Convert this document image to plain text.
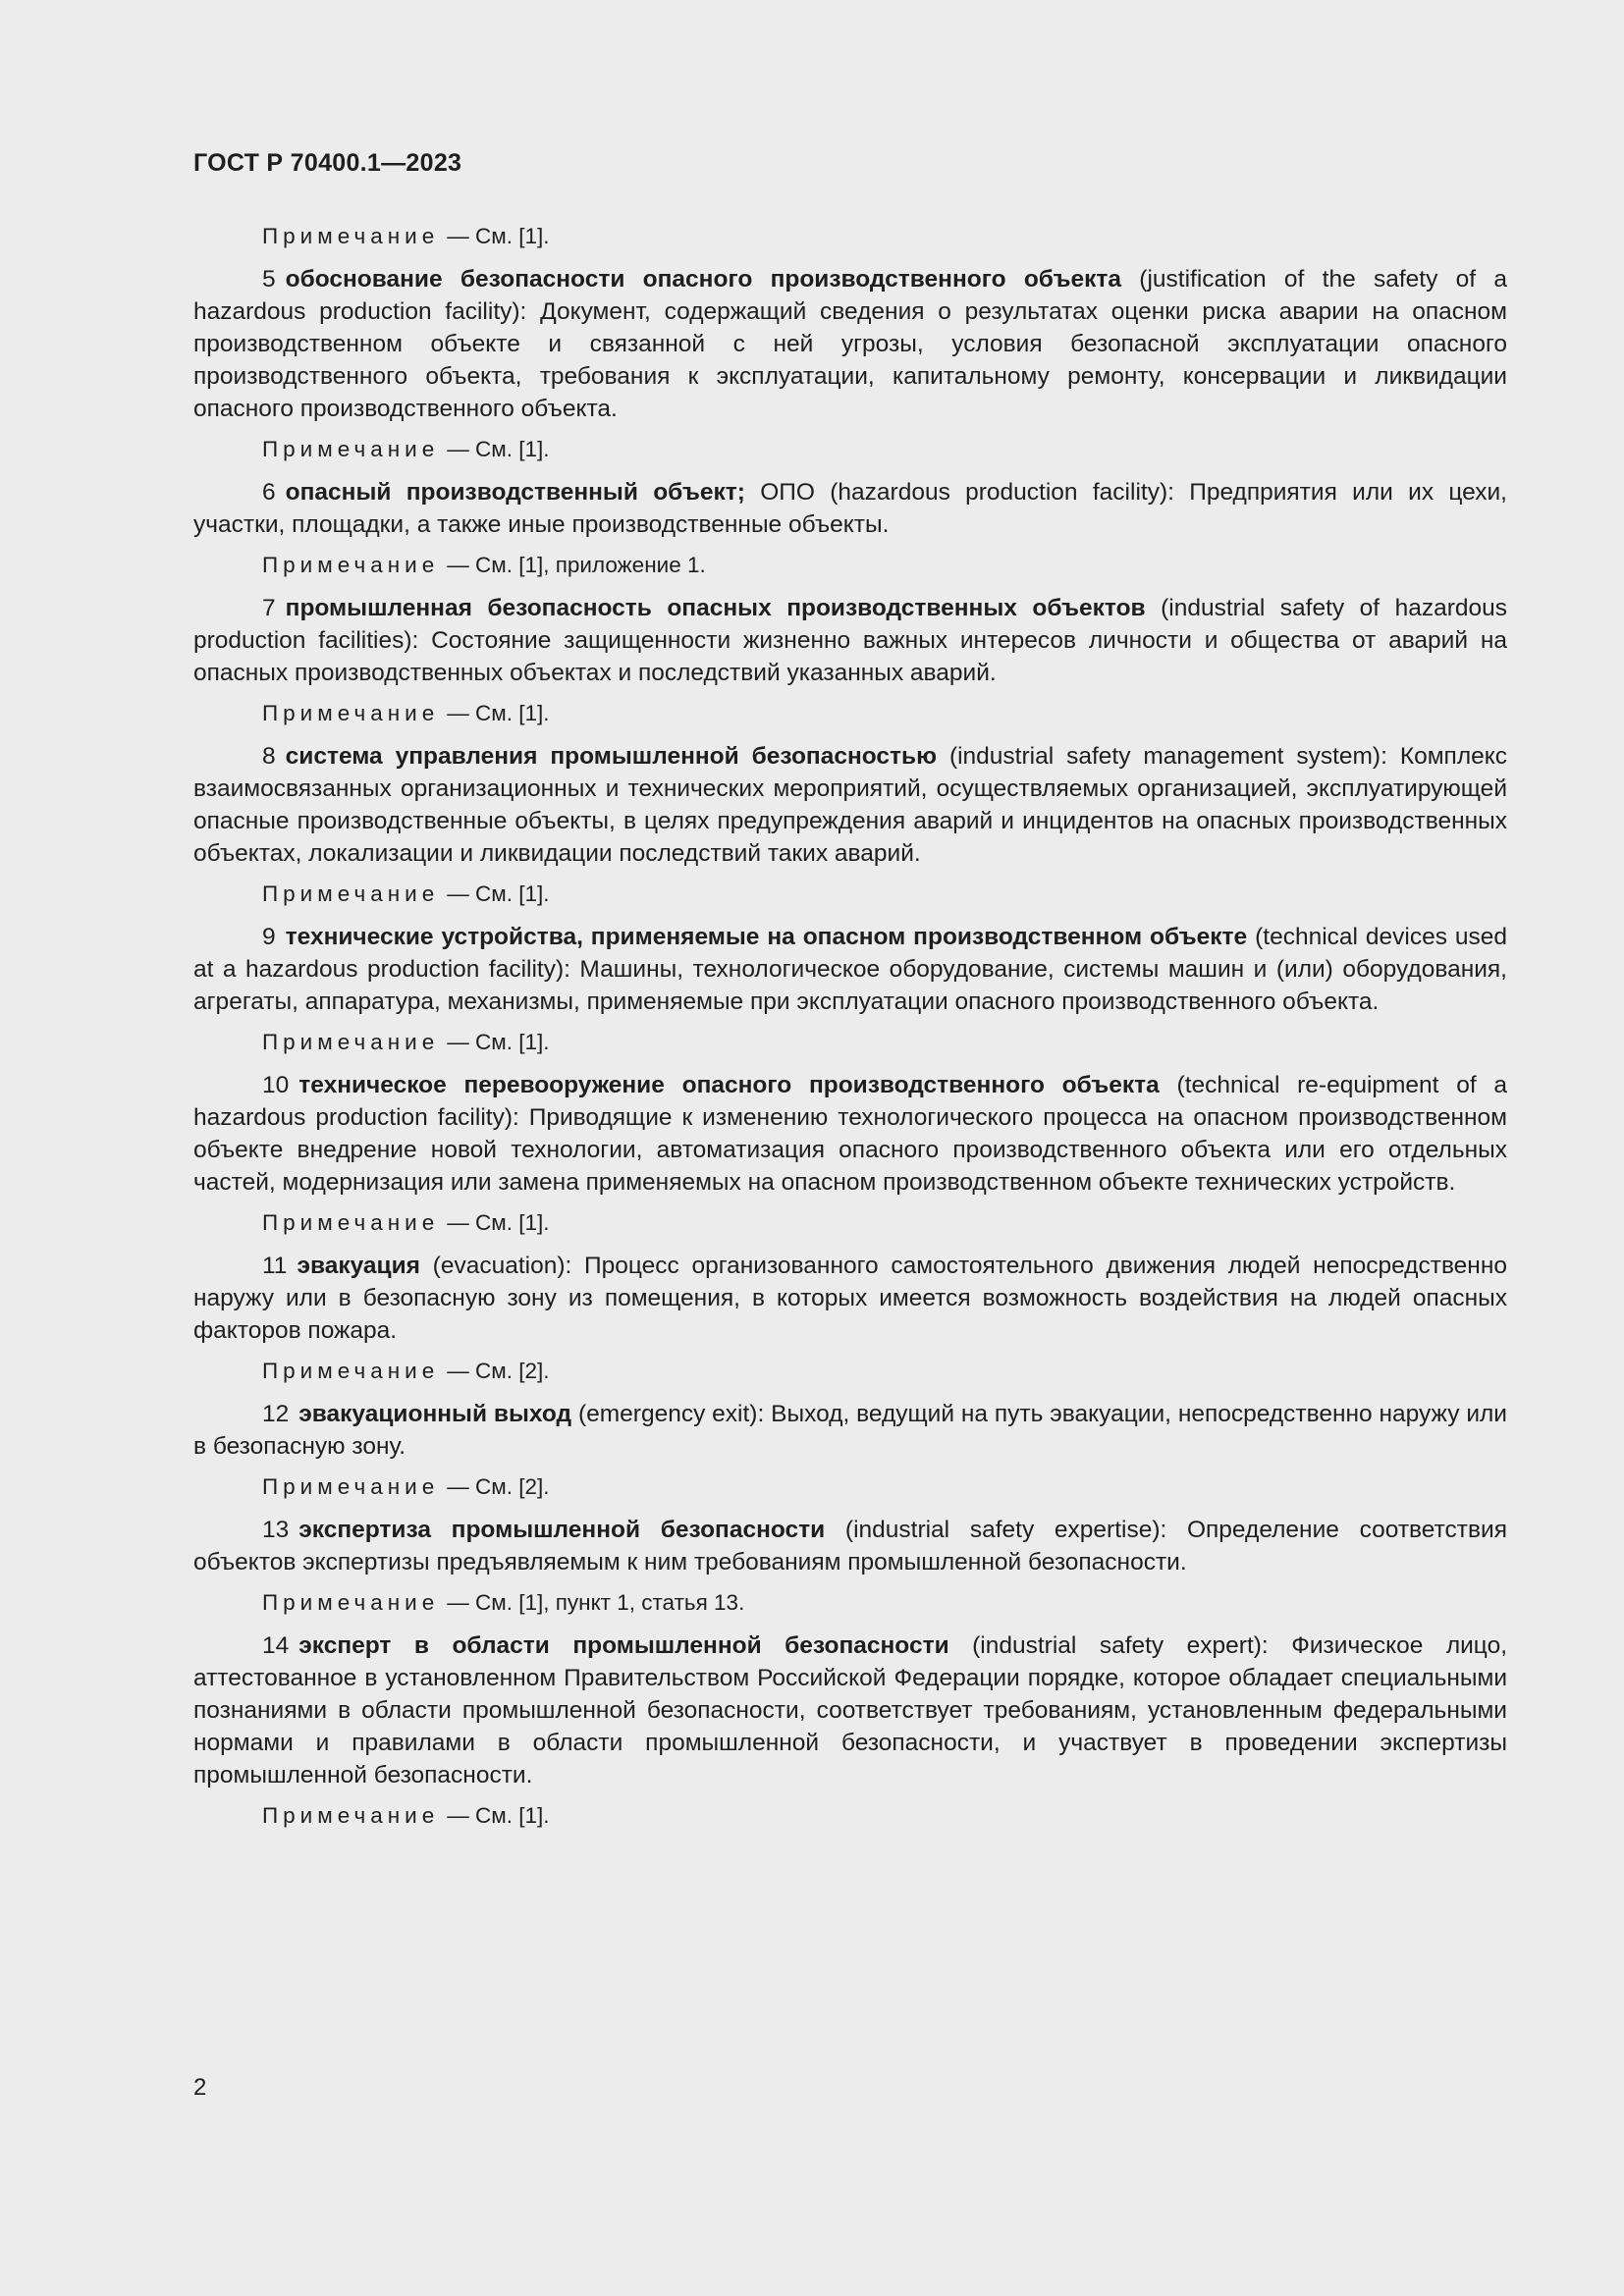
ГОСТ Р 70400.1—2023
Примечание — См. [1].

5 обоснование безопасности опасного производственного объекта (justification of the safety of a hazardous production facility): Документ, содержащий сведения о результатах оценки риска аварии на опасном производственном объекте и связанной с ней угрозы, условия безопасной эксплуатации опасного производственного объекта, требования к эксплуатации, капитальному ремонту, консервации и ликвидации опасного производственного объекта.

Примечание — См. [1].

6 опасный производственный объект; ОПО (hazardous production facility): Предприятия или их цехи, участки, площадки, а также иные производственные объекты.

Примечание — См. [1], приложение 1.

7 промышленная безопасность опасных производственных объектов (industrial safety of hazardous production facilities): Состояние защищенности жизненно важных интересов личности и общества от аварий на опасных производственных объектах и последствий указанных аварий.

Примечание — См. [1].

8 система управления промышленной безопасностью (industrial safety management system): Комплекс взаимосвязанных организационных и технических мероприятий, осуществляемых организацией, эксплуатирующей опасные производственные объекты, в целях предупреждения аварий и инцидентов на опасных производственных объектах, локализации и ликвидации последствий таких аварий.

Примечание — См. [1].

9 технические устройства, применяемые на опасном производственном объекте (technical devices used at a hazardous production facility): Машины, технологическое оборудование, системы машин и (или) оборудования, агрегаты, аппаратура, механизмы, применяемые при эксплуатации опасного производственного объекта.

Примечание — См. [1].

10 техническое перевооружение опасного производственного объекта (technical re-equipment of a hazardous production facility): Приводящие к изменению технологического процесса на опасном производственном объекте внедрение новой технологии, автоматизация опасного производственного объекта или его отдельных частей, модернизация или замена применяемых на опасном производственном объекте технических устройств.

Примечание — См. [1].

11 эвакуация (evacuation): Процесс организованного самостоятельного движения людей непосредственно наружу или в безопасную зону из помещения, в которых имеется возможность воздействия на людей опасных факторов пожара.

Примечание — См. [2].

12 эвакуационный выход (emergency exit): Выход, ведущий на путь эвакуации, непосредственно наружу или в безопасную зону.

Примечание — См. [2].

13 экспертиза промышленной безопасности (industrial safety expertise): Определение соответствия объектов экспертизы предъявляемым к ним требованиям промышленной безопасности.

Примечание — См. [1], пункт 1, статья 13.

14 эксперт в области промышленной безопасности (industrial safety expert): Физическое лицо, аттестованное в установленном Правительством Российской Федерации порядке, которое обладает специальными познаниями в области промышленной безопасности, соответствует требованиям, установленным федеральными нормами и правилами в области промышленной безопасности, и участвует в проведении экспертизы промышленной безопасности.

Примечание — См. [1].
2
